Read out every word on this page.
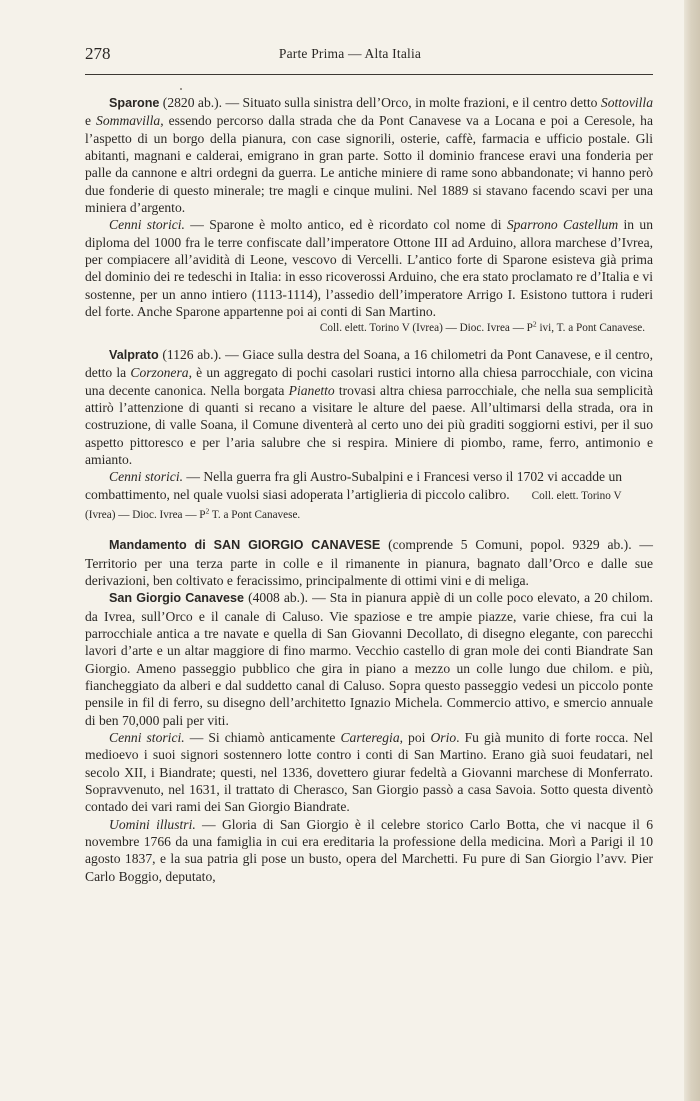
278	Parte Prima — Alta Italia

Sparone (2820 ab.). — Situato sulla sinistra dell’Orco, in molte frazioni, e il centro detto Sottovilla e Sommavilla, essendo percorso dalla strada che da Pont Canavese va a Locana e poi a Ceresole, ha l’aspetto di un borgo della pianura, con case signorili, osterie, caffè, farmacia e ufficio postale. Gli abitanti, magnani e calderai, emigrano in gran parte. Sotto il dominio francese eravi una fonderia per palle da cannone e altri ordegni da guerra. Le antiche miniere di rame sono abbandonate; vi hanno però due fonderie di questo minerale; tre magli e cinque mulini. Nel 1889 si stavano facendo scavi per una miniera d’argento.

Cenni storici. — Sparone è molto antico, ed è ricordato col nome di Sparrono Castellum in un diploma del 1000 fra le terre confiscate dall’imperatore Ottone III ad Arduino, allora marchese d’Ivrea, per compiacere all’avidità di Leone, vescovo di Vercelli. L’antico forte di Sparone esisteva già prima del dominio dei re tedeschi in Italia: in esso ricoverossi Arduino, che era stato proclamato re d’Italia e vi sostenne, per un anno intiero (1113-1114), l’assedio dell’imperatore Arrigo I. Esistono tuttora i ruderi del forte. Anche Sparone appartenne poi ai conti di San Martino.

Coll. elett. Torino V (Ivrea) — Dioc. Ivrea — $P^2$ ivi, T. a Pont Canavese.

Valprato (1126 ab.). — Giace sulla destra del Soana, a 16 chilometri da Pont Canavese, e il centro, detto la Corzonera, è un aggregato di pochi casolari rustici intorno alla chiesa parrocchiale, con vicina una decente canonica. Nella borgata Pianetto trovasi altra chiesa parrocchiale, che nella sua semplicità attirò l’attenzione di quanti si recano a visitare le alture del paese. All’ultimarsi della strada, ora in costruzione, di valle Soana, il Comune diventerà al certo uno dei più graditi soggiorni estivi, per il suo aspetto pittoresco e per l’aria salubre che si respira. Miniere di piombo, rame, ferro, antimonio e amianto.

Cenni storici. — Nella guerra fra gli Austro-Subalpini e i Francesi verso il 1702 vi accadde un combattimento, nel quale vuolsi siasi adoperata l’artiglieria di piccolo calibro. Coll. elett. Torino V (Ivrea) — Dioc. Ivrea — $P^2$ T. a Pont Canavese.

Mandamento di SAN GIORGIO CANAVESE (comprende 5 Comuni, popol. 9329 ab.). — Territorio per una terza parte in colle e il rimanente in pianura, bagnato dall’Orco e dalle sue derivazioni, ben coltivato e feracissimo, principalmente di ottimi vini e di meliga.

San Giorgio Canavese (4008 ab.). — Sta in pianura appiè di un colle poco elevato, a 20 chilom. da Ivrea, sull’Orco e il canale di Caluso. Vie spaziose e tre ampie piazze, varie chiese, fra cui la parrocchiale antica a tre navate e quella di San Giovanni Decollato, di disegno elegante, con parecchi lavori d’arte e un altar maggiore di fino marmo. Vecchio castello di gran mole dei conti Biandrate San Giorgio. Ameno passeggio pubblico che gira in piano a mezzo un colle lungo due chilom. e più, fiancheggiato da alberi e dal suddetto canal di Caluso. Sopra questo passeggio vedesi un piccolo ponte pensile in fil di ferro, su disegno dell’architetto Ignazio Michela. Commercio attivo, e smercio annuale di ben 70,000 pali per viti.

Cenni storici. — Si chiamò anticamente Carteregia, poi Orio. Fu già munito di forte rocca. Nel medioevo i suoi signori sostennero lotte contro i conti di San Martino. Erano già suoi feudatari, nel secolo XII, i Biandrate; questi, nel 1336, dovettero giurar fedeltà a Giovanni marchese di Monferrato. Sopravvenuto, nel 1631, il trattato di Cherasco, San Giorgio passò a casa Savoia. Sotto questa diventò contado dei vari rami dei San Giorgio Biandrate.

Uomini illustri. — Gloria di San Giorgio è il celebre storico Carlo Botta, che vi nacque il 6 novembre 1766 da una famiglia in cui era ereditaria la professione della medicina. Morì a Parigi il 10 agosto 1837, e la sua patria gli pose un busto, opera del Marchetti. Fu pure di San Giorgio l’avv. Pier Carlo Boggio, deputato,
